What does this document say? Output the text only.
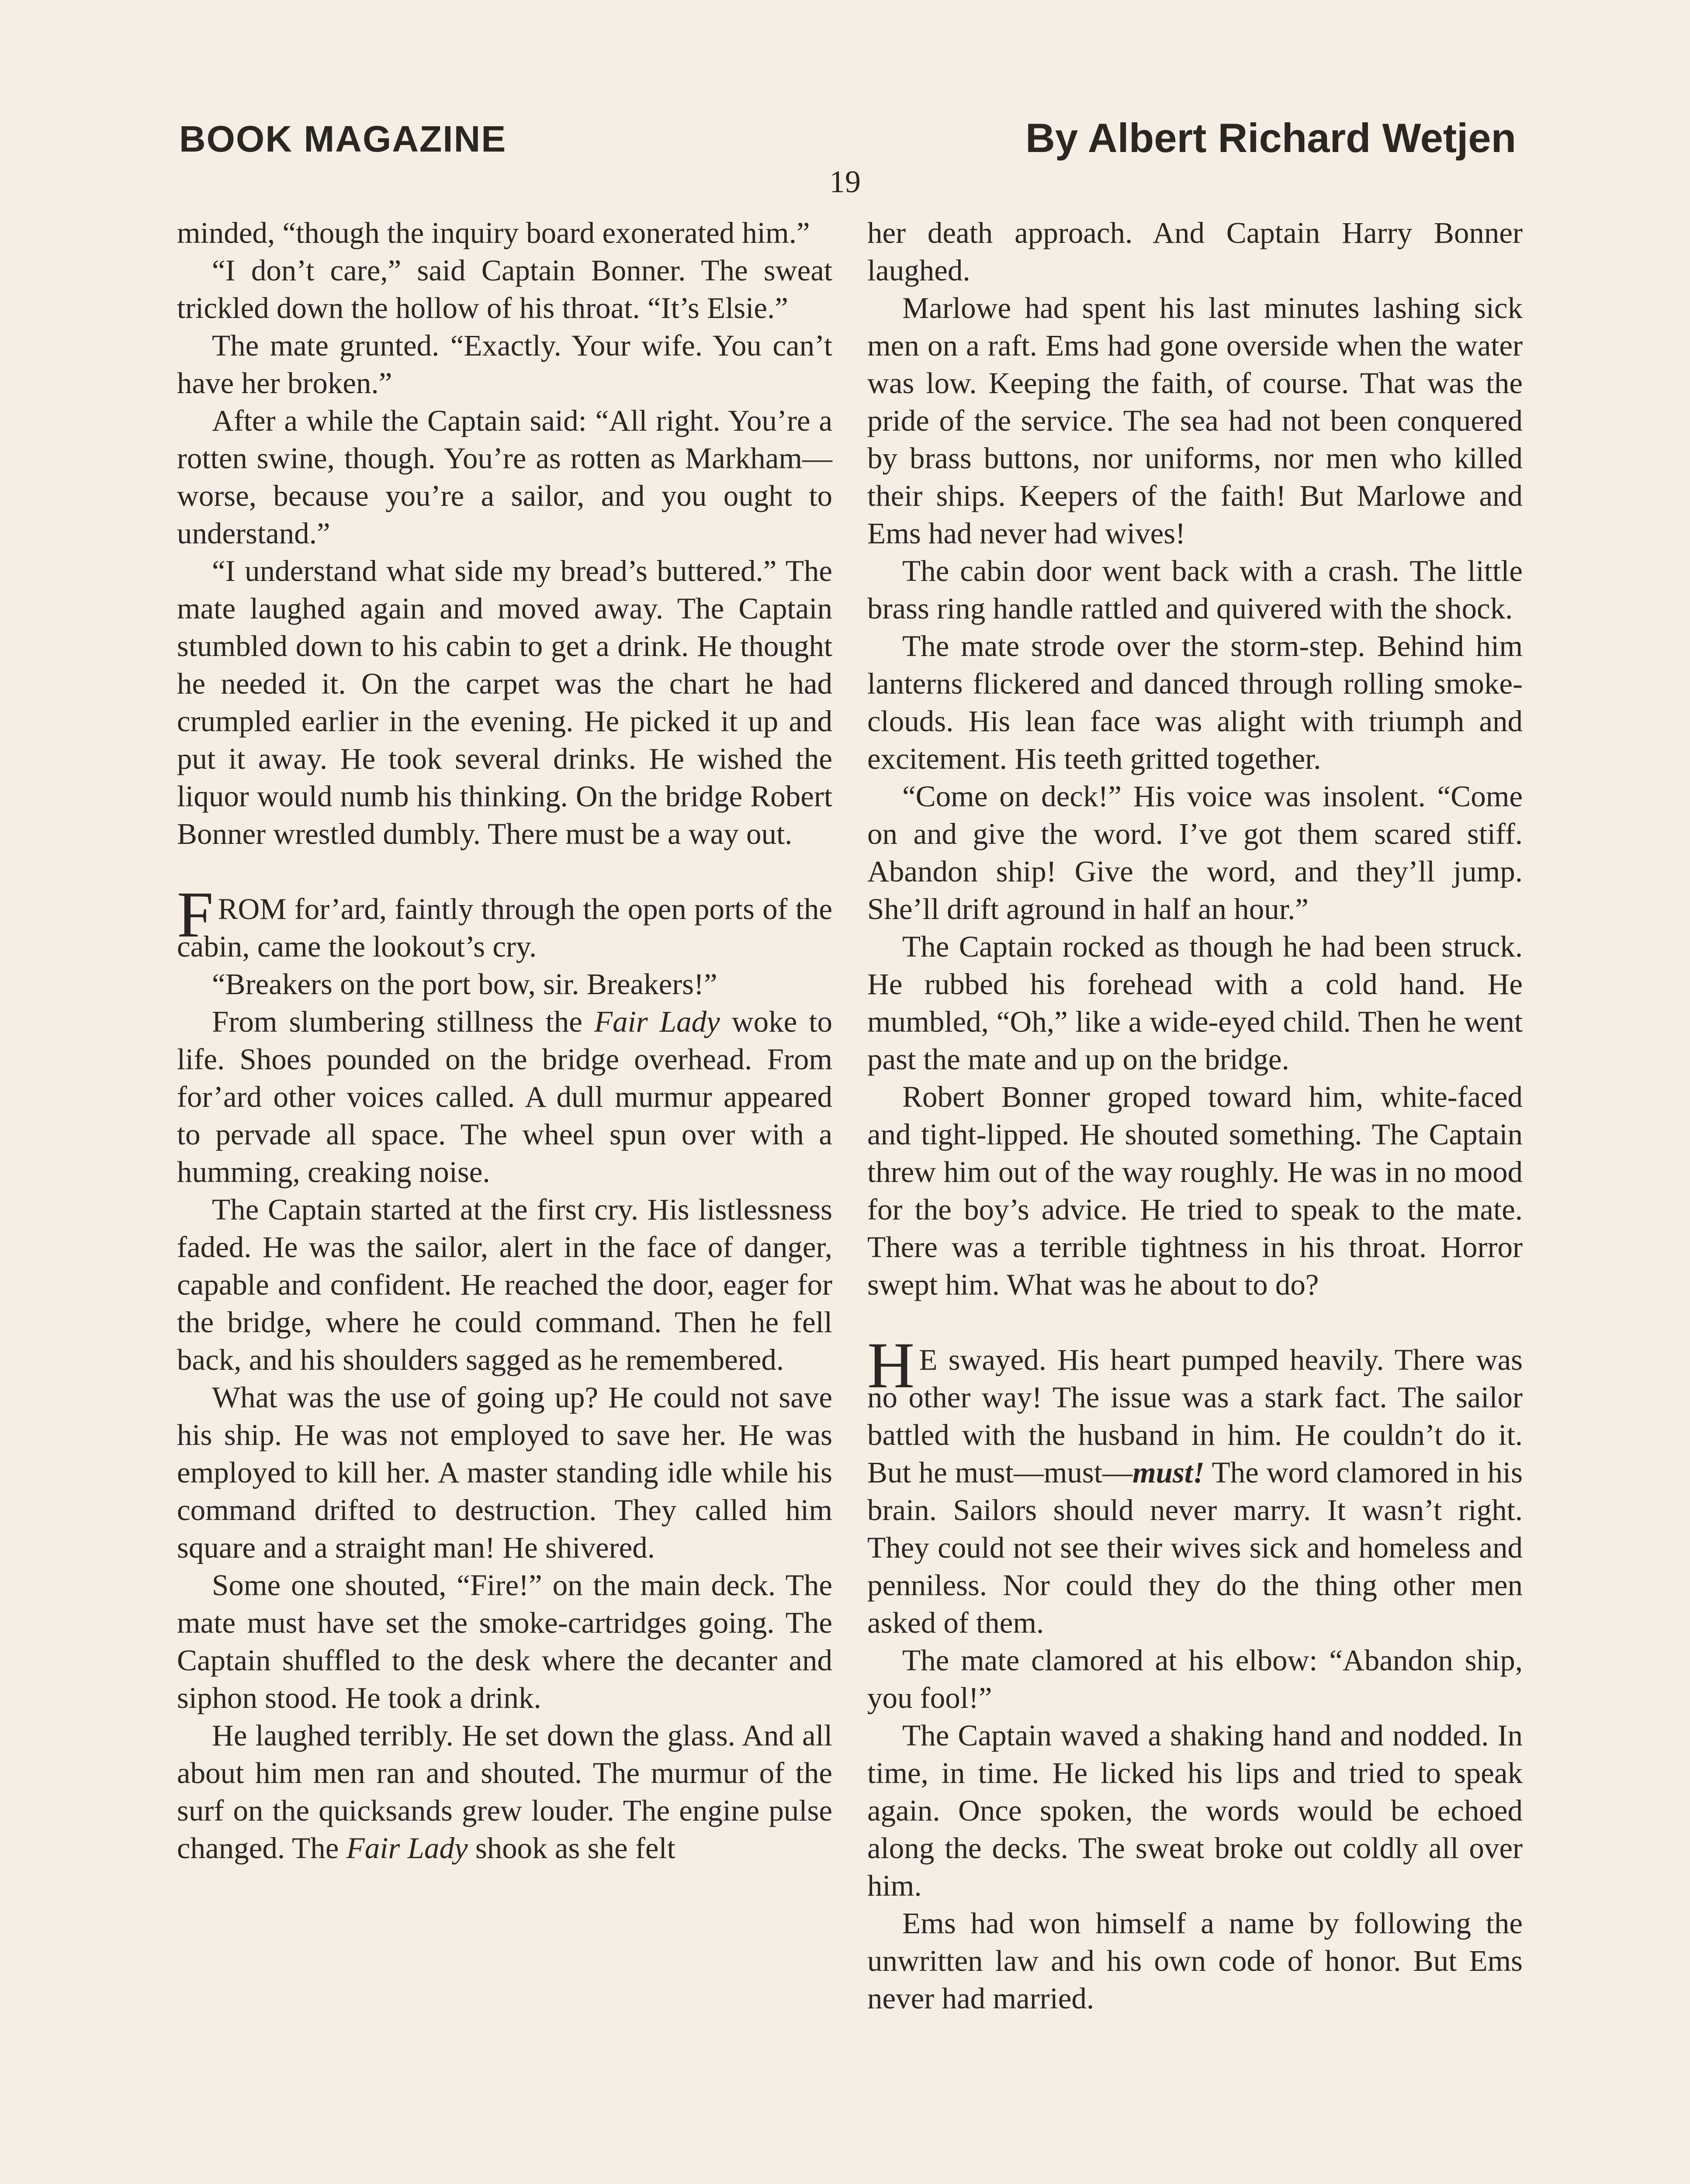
BOOK MAGAZINE	By Albert Richard Wetjen
19

minded, “though the inquiry board exonerated him.”

“I don’t care,” said Captain Bonner. The sweat trickled down the hollow of his throat. “It’s Elsie.”

The mate grunted. “Exactly. Your wife. You can’t have her broken.”

After a while the Captain said: “All right. You’re a rotten swine, though. You’re as rotten as Markham—worse, because you’re a sailor, and you ought to understand.”

“I understand what side my bread’s buttered.” The mate laughed again and moved away. The Captain stumbled down to his cabin to get a drink. He thought he needed it. On the carpet was the chart he had crumpled earlier in the evening. He picked it up and put it away. He took several drinks. He wished the liquor would numb his thinking. On the bridge Robert Bonner wrestled dumbly. There must be a way out.

FROM for’ard, faintly through the open ports of the cabin, came the lookout’s cry.

“Breakers on the port bow, sir. Breakers!”

From slumbering stillness the Fair Lady woke to life. Shoes pounded on the bridge overhead. From for’ard other voices called. A dull murmur appeared to pervade all space. The wheel spun over with a humming, creaking noise.

The Captain started at the first cry. His listlessness faded. He was the sailor, alert in the face of danger, capable and confident. He reached the door, eager for the bridge, where he could command. Then he fell back, and his shoulders sagged as he remembered.

What was the use of going up? He could not save his ship. He was not employed to save her. He was employed to kill her. A master standing idle while his command drifted to destruction. They called him square and a straight man! He shivered.

Some one shouted, “Fire!” on the main deck. The mate must have set the smoke-cartridges going. The Captain shuffled to the desk where the decanter and siphon stood. He took a drink.

He laughed terribly. He set down the glass. And all about him men ran and shouted. The murmur of the surf on the quicksands grew louder. The engine pulse changed. The Fair Lady shook as she felt

her death approach. And Captain Harry Bonner laughed.

Marlowe had spent his last minutes lashing sick men on a raft. Ems had gone overside when the water was low. Keeping the faith, of course. That was the pride of the service. The sea had not been conquered by brass buttons, nor uniforms, nor men who killed their ships. Keepers of the faith! But Marlowe and Ems had never had wives!

The cabin door went back with a crash. The little brass ring handle rattled and quivered with the shock.

The mate strode over the storm-step. Behind him lanterns flickered and danced through rolling smoke-clouds. His lean face was alight with triumph and excitement. His teeth gritted together.

“Come on deck!” His voice was insolent. “Come on and give the word. I’ve got them scared stiff. Abandon ship! Give the word, and they’ll jump. She’ll drift aground in half an hour.”

The Captain rocked as though he had been struck. He rubbed his forehead with a cold hand. He mumbled, “Oh,” like a wide-eyed child. Then he went past the mate and up on the bridge.

Robert Bonner groped toward him, white-faced and tight-lipped. He shouted something. The Captain threw him out of the way roughly. He was in no mood for the boy’s advice. He tried to speak to the mate. There was a terrible tightness in his throat. Horror swept him. What was he about to do?

H E swayed. His heart pumped heavily. There was no other way! The issue was a stark fact. The sailor battled with the husband in him. He couldn’t do it. But he must—must—must! The word clamored in his brain. Sailors should never marry. It wasn’t right. They could not see their wives sick and homeless and penniless. Nor could they do the thing other men asked of them.

The mate clamored at his elbow: “Abandon ship, you fool!”

The Captain waved a shaking hand and nodded. In time, in time. He licked his lips and tried to speak again. Once spoken, the words would be echoed along the decks. The sweat broke out coldly all over him.

Ems had won himself a name by following the unwritten law and his own code of honor. But Ems never had married.
